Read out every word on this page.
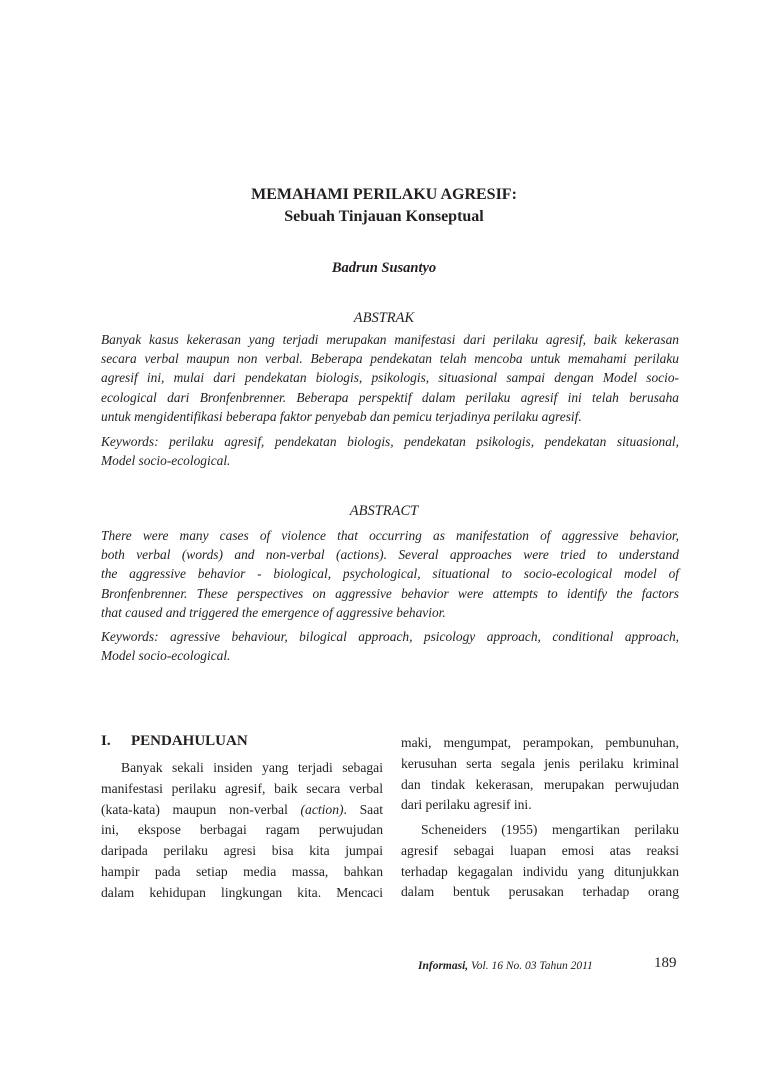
MEMAHAMI PERILAKU AGRESIF:
Sebuah Tinjauan Konseptual
Badrun Susantyo
ABSTRAK
Banyak kasus kekerasan yang terjadi merupakan manifestasi dari perilaku agresif, baik kekerasan
secara verbal maupun non verbal. Beberapa pendekatan telah mencoba untuk memahami perilaku
agresif ini, mulai dari pendekatan biologis, psikologis, situasional sampai dengan Model socio-
ecological dari Bronfenbrenner. Beberapa perspektif dalam perilaku agresif ini telah berusaha
untuk mengidentifikasi beberapa faktor penyebab dan pemicu terjadinya perilaku agresif.
Keywords: perilaku agresif, pendekatan biologis, pendekatan psikologis, pendekatan situasional,
Model socio-ecological.
ABSTRACT
There were many cases of violence that occurring as manifestation of aggressive behavior,
both verbal (words) and non-verbal (actions). Several approaches were tried to understand
the aggressive behavior - biological, psychological, situational to socio-ecological model of
Bronfenbrenner. These perspectives on aggressive behavior were attempts to identify the factors
that caused and triggered the emergence of aggressive behavior.
Keywords: agressive behaviour, bilogical approach, psicology approach, conditional approach,
Model socio-ecological.
I. PENDAHULUAN
Banyak sekali insiden yang terjadi sebagai
manifestasi perilaku agresif, baik secara verbal
(kata-kata) maupun non-verbal (action). Saat
ini, ekspose berbagai ragam perwujudan
daripada perilaku agresi bisa kita jumpai
hampir pada setiap media massa, bahkan
dalam kehidupan lingkungan kita. Mencaci
maki, mengumpat, perampokan, pembunuhan,
kerusuhan serta segala jenis perilaku kriminal
dan tindak kekerasan, merupakan perwujudan
dari perilaku agresif ini.
Scheneiders (1955) mengartikan perilaku
agresif sebagai luapan emosi atas reaksi
terhadap kegagalan individu yang ditunjukkan
dalam bentuk perusakan terhadap orang
Informasi, Vol. 16 No. 03 Tahun 2011	189
